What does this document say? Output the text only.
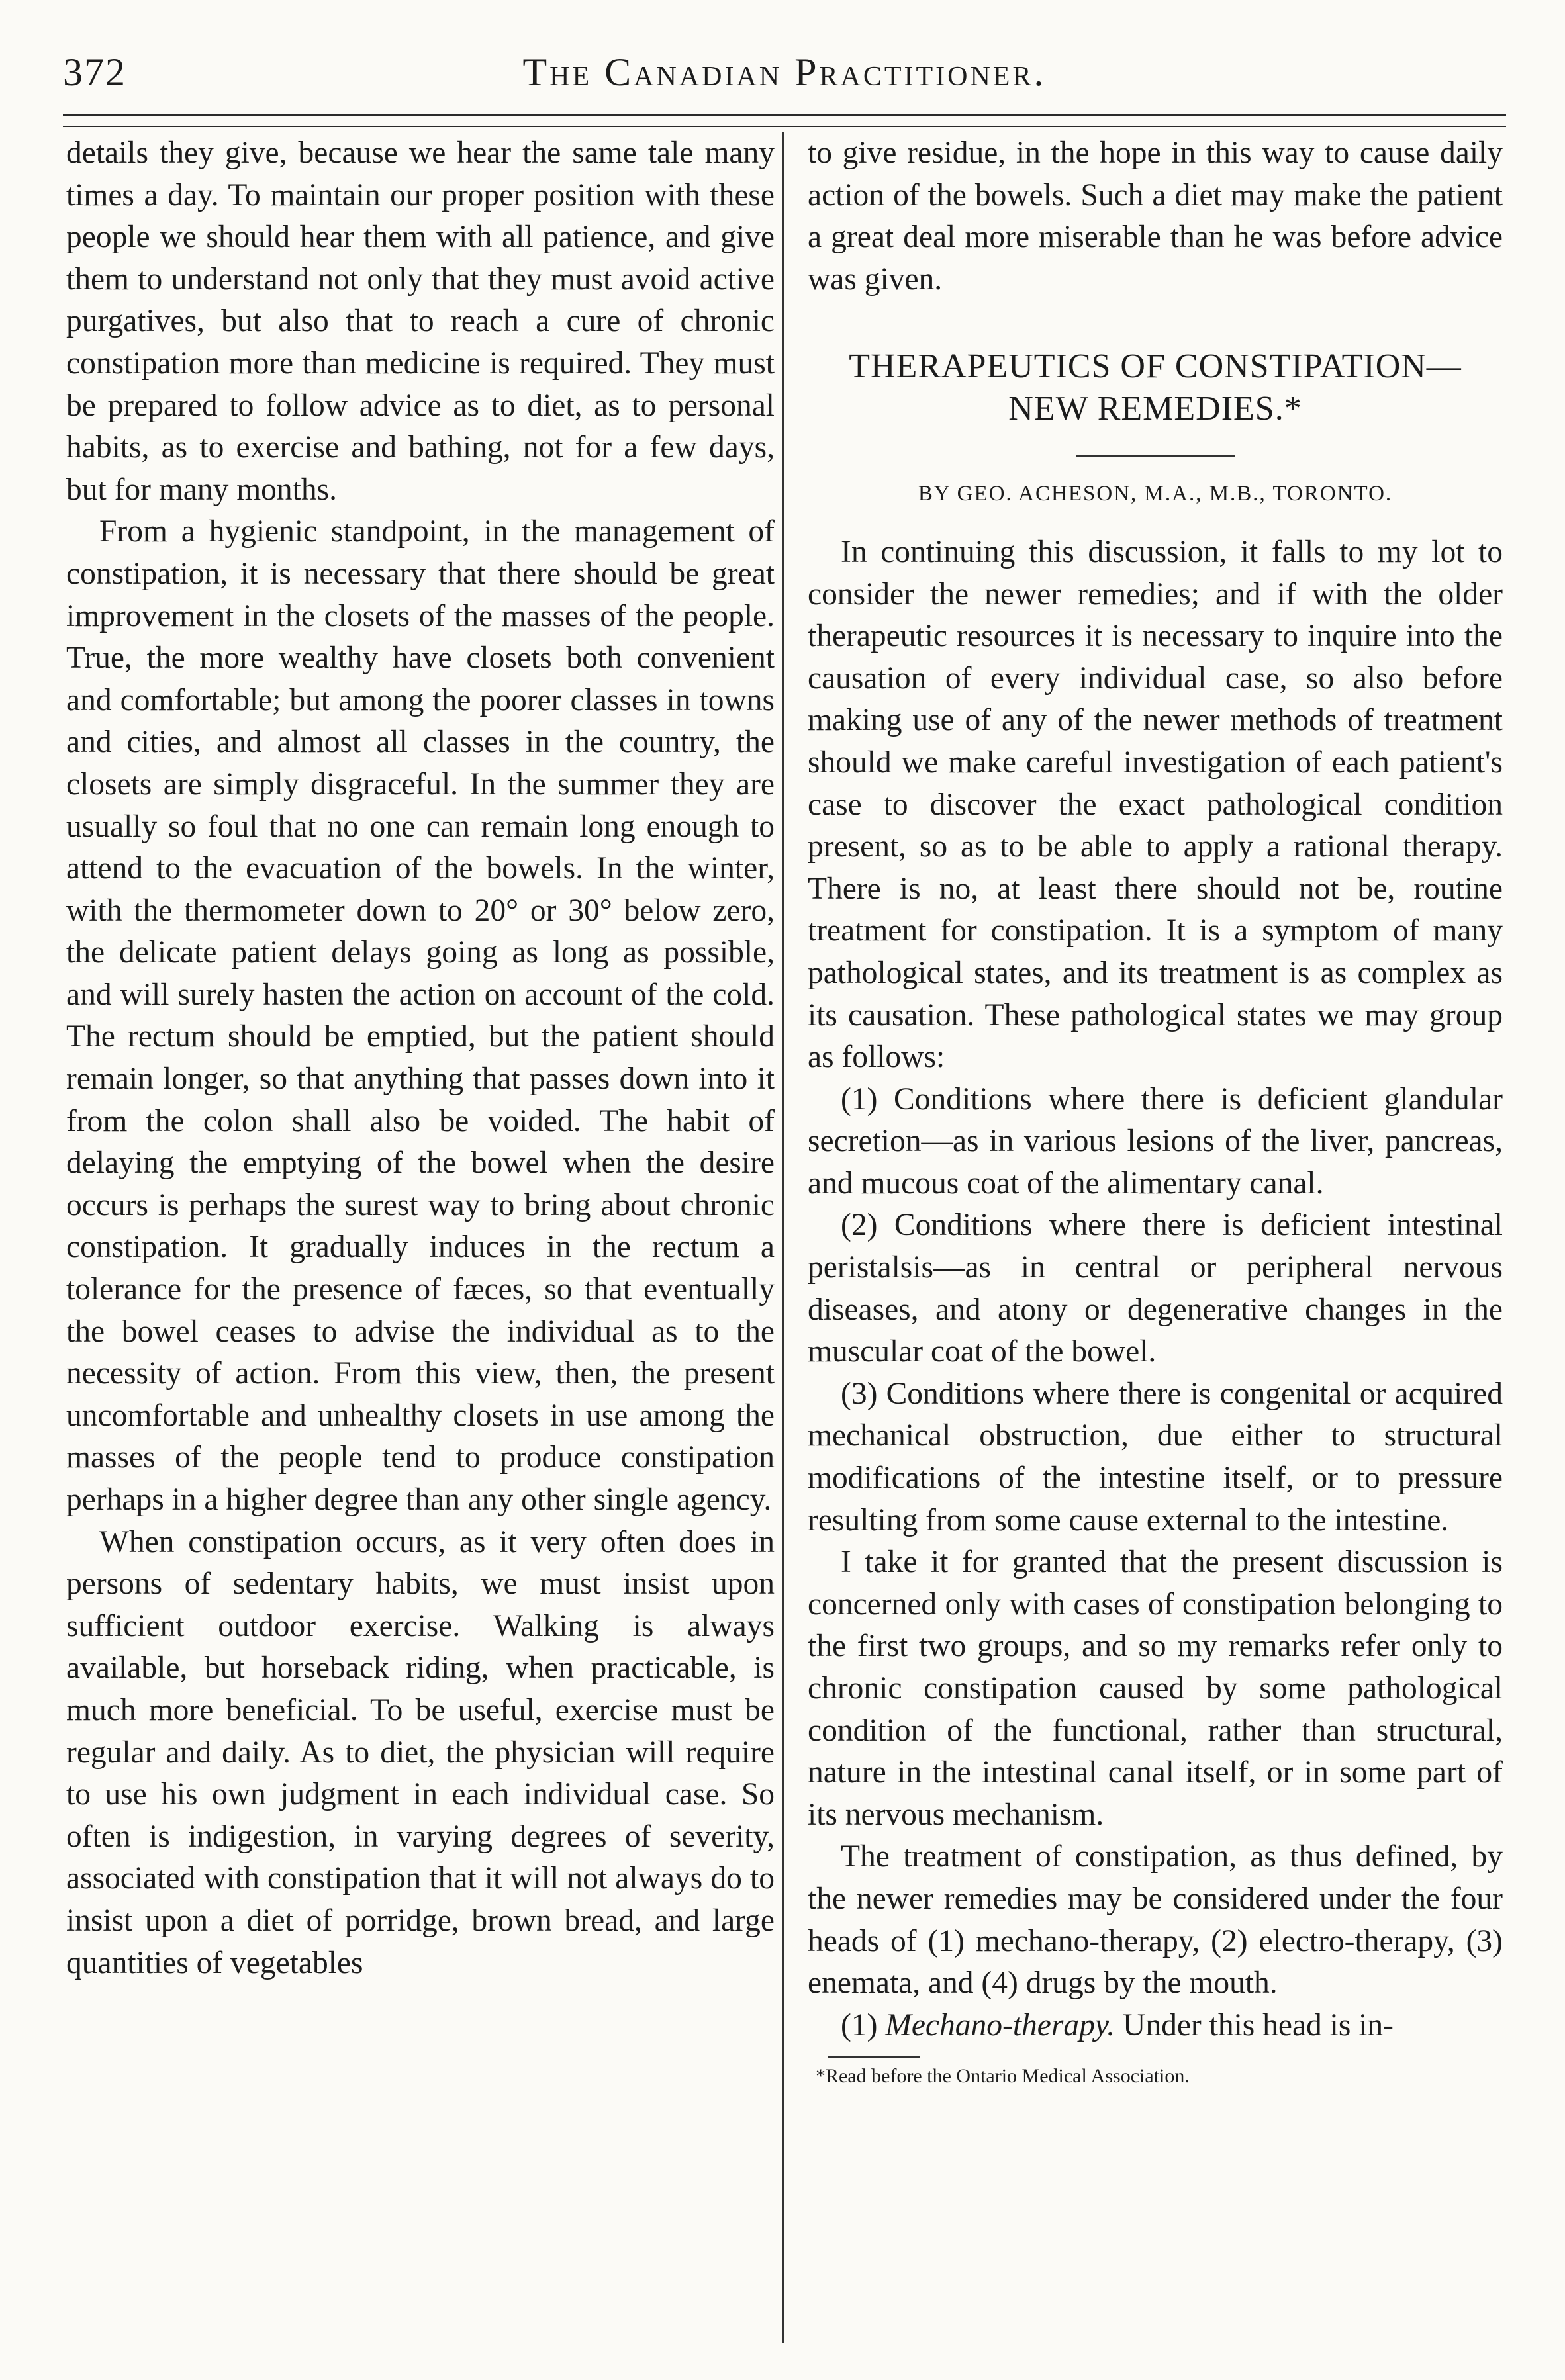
372	The Canadian Practitioner.

details they give, because we hear the same tale many times a day. To maintain our proper position with these people we should hear them with all patience, and give them to understand not only that they must avoid active purgatives, but also that to reach a cure of chronic constipation more than medicine is required. They must be prepared to follow advice as to diet, as to personal habits, as to exercise and bathing, not for a few days, but for many months.

From a hygienic standpoint, in the management of constipation, it is necessary that there should be great improvement in the closets of the masses of the people. True, the more wealthy have closets both convenient and comfortable; but among the poorer classes in towns and cities, and almost all classes in the country, the closets are simply disgraceful. In the summer they are usually so foul that no one can remain long enough to attend to the evacuation of the bowels. In the winter, with the thermometer down to 20° or 30° below zero, the delicate patient delays going as long as possible, and will surely hasten the action on account of the cold. The rectum should be emptied, but the patient should remain longer, so that anything that passes down into it from the colon shall also be voided. The habit of delaying the emptying of the bowel when the desire occurs is perhaps the surest way to bring about chronic constipation. It gradually induces in the rectum a tolerance for the presence of fæces, so that eventually the bowel ceases to advise the individual as to the necessity of action. From this view, then, the present uncomfortable and unhealthy closets in use among the masses of the people tend to produce constipation perhaps in a higher degree than any other single agency.

When constipation occurs, as it very often does in persons of sedentary habits, we must insist upon sufficient outdoor exercise. Walking is always available, but horseback riding, when practicable, is much more beneficial. To be useful, exercise must be regular and daily. As to diet, the physician will require to use his own judgment in each individual case. So often is indigestion, in varying degrees of severity, associated with constipation that it will not always do to insist upon a diet of porridge, brown bread, and large quantities of vegetables

to give residue, in the hope in this way to cause daily action of the bowels. Such a diet may make the patient a great deal more miserable than he was before advice was given.

THERAPEUTICS OF CONSTIPATION—
NEW REMEDIES.*
BY GEO. ACHESON, M.A., M.B., TORONTO.

In continuing this discussion, it falls to my lot to consider the newer remedies; and if with the older therapeutic resources it is necessary to inquire into the causation of every individual case, so also before making use of any of the newer methods of treatment should we make careful investigation of each patient's case to discover the exact pathological condition present, so as to be able to apply a rational therapy. There is no, at least there should not be, routine treatment for constipation. It is a symptom of many pathological states, and its treatment is as complex as its causation. These pathological states we may group as follows:

(1) Conditions where there is deficient glandular secretion—as in various lesions of the liver, pancreas, and mucous coat of the alimentary canal.

(2) Conditions where there is deficient intestinal peristalsis—as in central or peripheral nervous diseases, and atony or degenerative changes in the muscular coat of the bowel.

(3) Conditions where there is congenital or acquired mechanical obstruction, due either to structural modifications of the intestine itself, or to pressure resulting from some cause external to the intestine.

I take it for granted that the present discussion is concerned only with cases of constipation belonging to the first two groups, and so my remarks refer only to chronic constipation caused by some pathological condition of the functional, rather than structural, nature in the intestinal canal itself, or in some part of its nervous mechanism.

The treatment of constipation, as thus defined, by the newer remedies may be considered under the four heads of (1) mechano-therapy, (2) electro-therapy, (3) enemata, and (4) drugs by the mouth.

(1) Mechano-therapy. Under this head is in-

*Read before the Ontario Medical Association.
